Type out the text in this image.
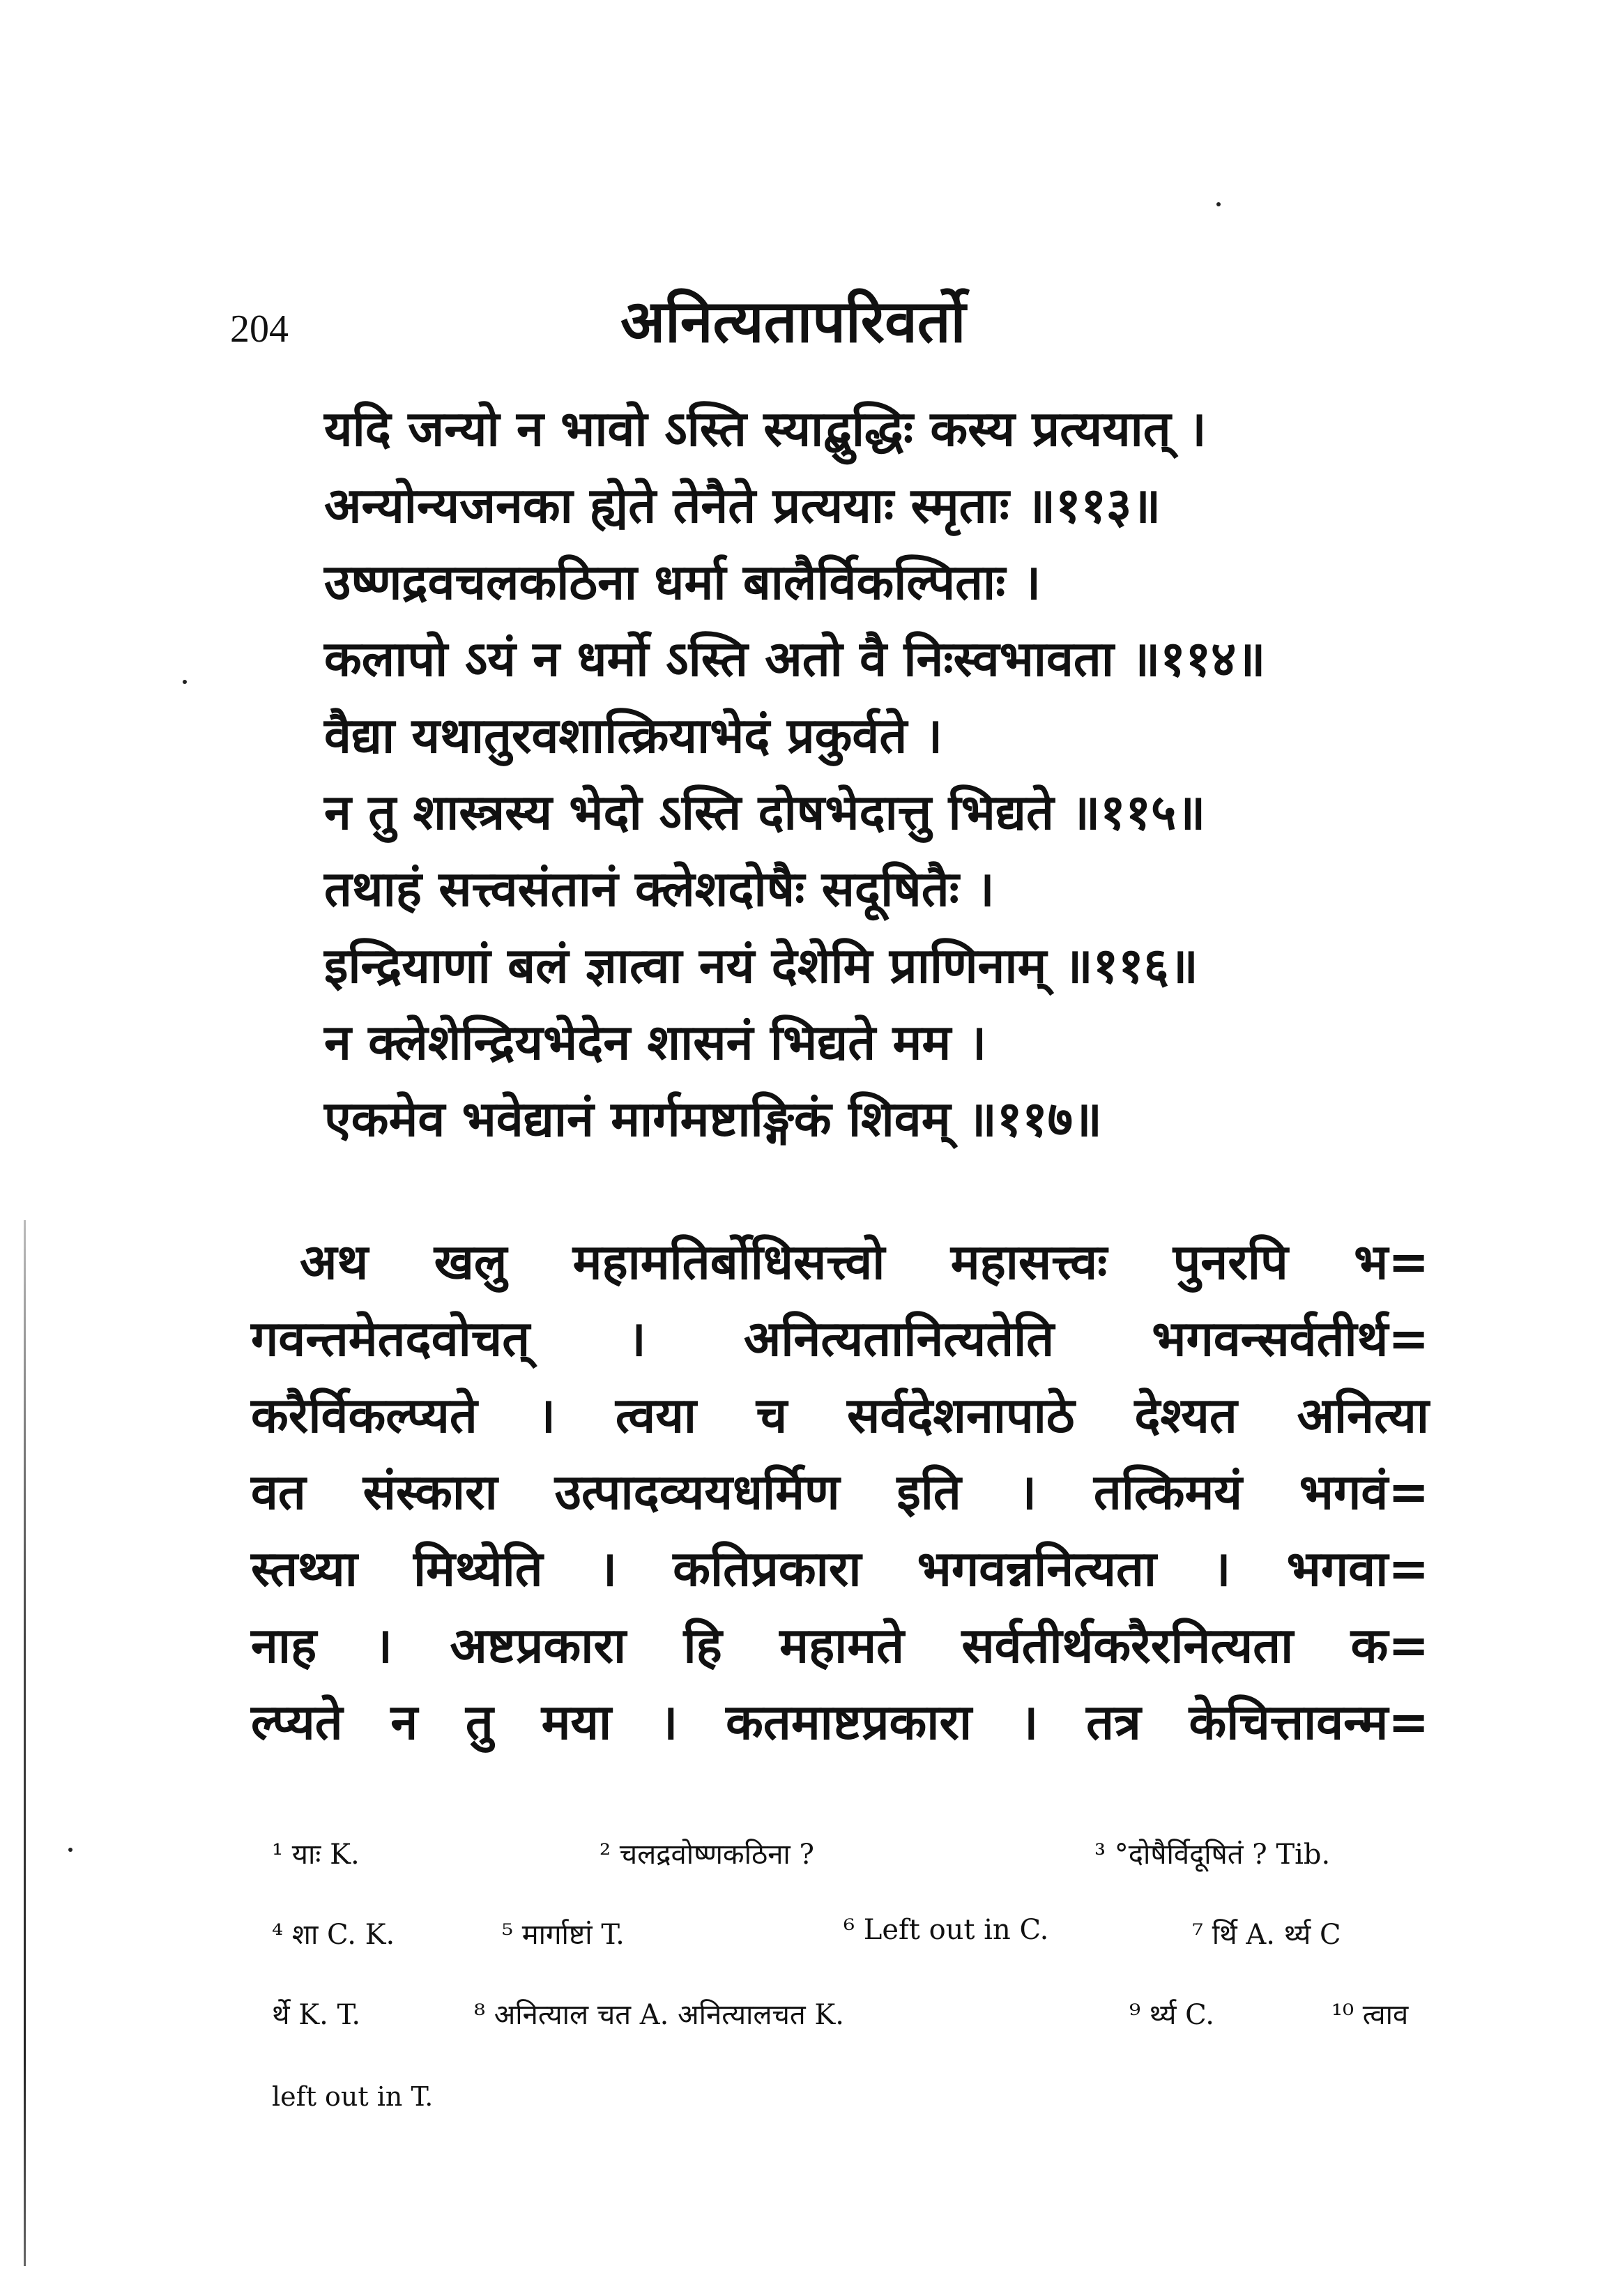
204	अनित्यतापरिवर्तो
यदि जन्यो न भावो ऽस्ति स्याद्बुद्धिः कस्य प्रत्ययात् ।
अन्योन्यजनका ह्येते तेनैते प्रत्ययाः स्मृताः ॥११३॥
उष्णद्रवचलकठिना धर्मा बालैर्विकल्पिताः ।
कलापो ऽयं न धर्मो ऽस्ति अतो वै निःस्वभावता ॥११४॥
वैद्या यथातुरवशात्क्रियाभेदं प्रकुर्वते ।
न तु शास्त्रस्य भेदो ऽस्ति दोषभेदात्तु भिद्यते ॥११५॥
तथाहं सत्त्वसंतानं क्लेशदोषैः सदूषितैः ।
इन्द्रियाणां बलं ज्ञात्वा नयं देशेमि प्राणिनाम् ॥११६॥
न क्लेशेन्द्रियभेदेन शासनं भिद्यते मम ।
एकमेव भवेद्यानं मार्गमष्टाङ्गिकं शिवम् ॥११७॥
अथ खलु महामतिर्बोधिसत्त्वो महासत्त्वः पुनरपि भ=
गवन्तमेतदवोचत् । अनित्यतानित्यतेति भगवन्सर्वतीर्थ=
करैर्विकल्प्यते । त्वया च सर्वदेशनापाठे देश्यत अनित्या
वत संस्कारा उत्पादव्ययधर्मिण इति । तत्किमयं भगवं=
स्तथ्या मिथ्येति । कतिप्रकारा भगवन्ननित्यता । भगवा=
नाह । अष्टप्रकारा हि महामते सर्वतीर्थकरैरनित्यता क=
ल्प्यते न तु मया । कतमाष्टप्रकारा । तत्र केचित्तावन्म=
¹ याः K.	² चलद्रवोष्णकठिना ?	³ °दोषैर्विदूषितं ? Tib.
⁴ शा C. K.	⁵ मार्गाष्टां T.	⁶ Left out in C.	⁷ र्थि A. र्थ्य C
र्थे K. T.	⁸ अनित्याल चत A. अनित्यालचत K.	⁹ र्थ्य C.	¹⁰ त्वाव
left out in T.
